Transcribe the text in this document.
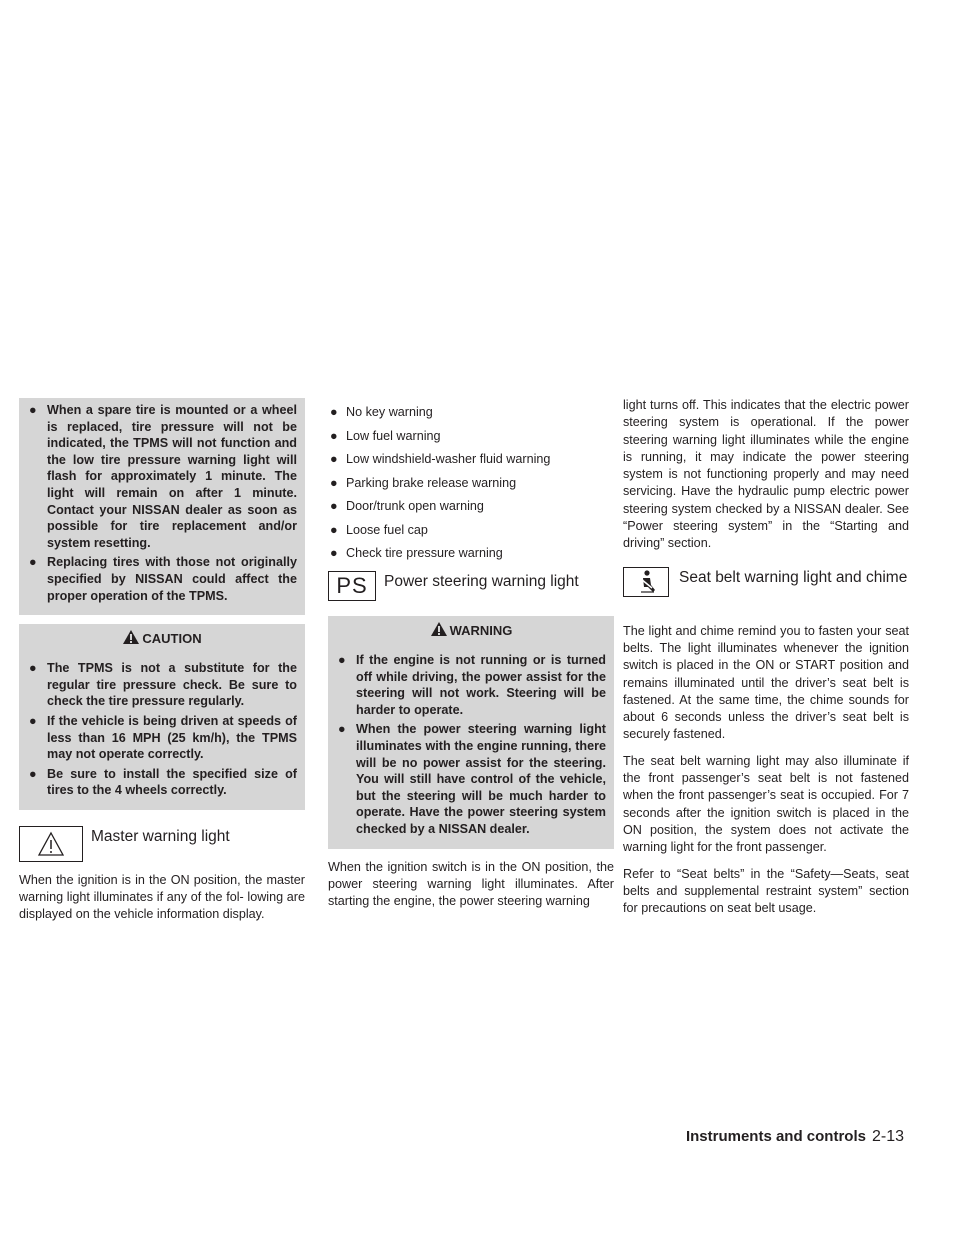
● When a spare tire is mounted or a wheel is replaced, tire pressure will not be indicated, the TPMS will not function and the low tire pressure warning light will flash for approximately 1 minute. The light will remain on after 1 minute. Contact your NISSAN dealer as soon as possible for tire replacement and/or system resetting.
● Replacing tires with those not originally specified by NISSAN could affect the proper operation of the TPMS.
CAUTION
● The TPMS is not a substitute for the regular tire pressure check. Be sure to check the tire pressure regularly.
● If the vehicle is being driven at speeds of less than 16 MPH (25 km/h), the TPMS may not operate correctly.
● Be sure to install the specified size of tires to the 4 wheels correctly.
Master warning light

When the ignition is in the ON position, the master warning light illuminates if any of the fol- lowing are displayed on the vehicle information display.

● No key warning
● Low fuel warning
● Low windshield-washer fluid warning
● Parking brake release warning
● Door/trunk open warning
● Loose fuel cap
● Check tire pressure warning
PS	Power steering warning light
WARNING
● If the engine is not running or is turned off while driving, the power assist for the steering will not work. Steering will be harder to operate.
● When the power steering warning light illuminates with the engine running, there will be no power assist for the steering. You will still have control of the vehicle, but the steering will be much harder to operate. Have the power steering system checked by a NISSAN dealer.

When the ignition switch is in the ON position, the power steering warning light illuminates. After starting the engine, the power steering warning

light turns off. This indicates that the electric power steering system is operational. If the power steering warning light illuminates while the engine is running, it may indicate the power steering system is not functioning properly and may need servicing. Have the hydraulic pump electric power steering system checked by a NISSAN dealer. See “Power steering system” in the “Starting and driving” section.

Seat belt warning light and chime

The light and chime remind you to fasten your seat belts. The light illuminates whenever the ignition switch is placed in the ON or START position and remains illuminated until the driver’s seat belt is fastened. At the same time, the chime sounds for about 6 seconds unless the driver’s seat belt is securely fastened.

The seat belt warning light may also illuminate if the front passenger’s seat belt is not fastened when the front passenger’s seat is occupied. For 7 seconds after the ignition switch is placed in the ON position, the system does not activate the warning light for the front passenger.

Refer to “Seat belts” in the “Safety—Seats, seat belts and supplemental restraint system” section for precautions on seat belt usage.

Instruments and controls 2-13
